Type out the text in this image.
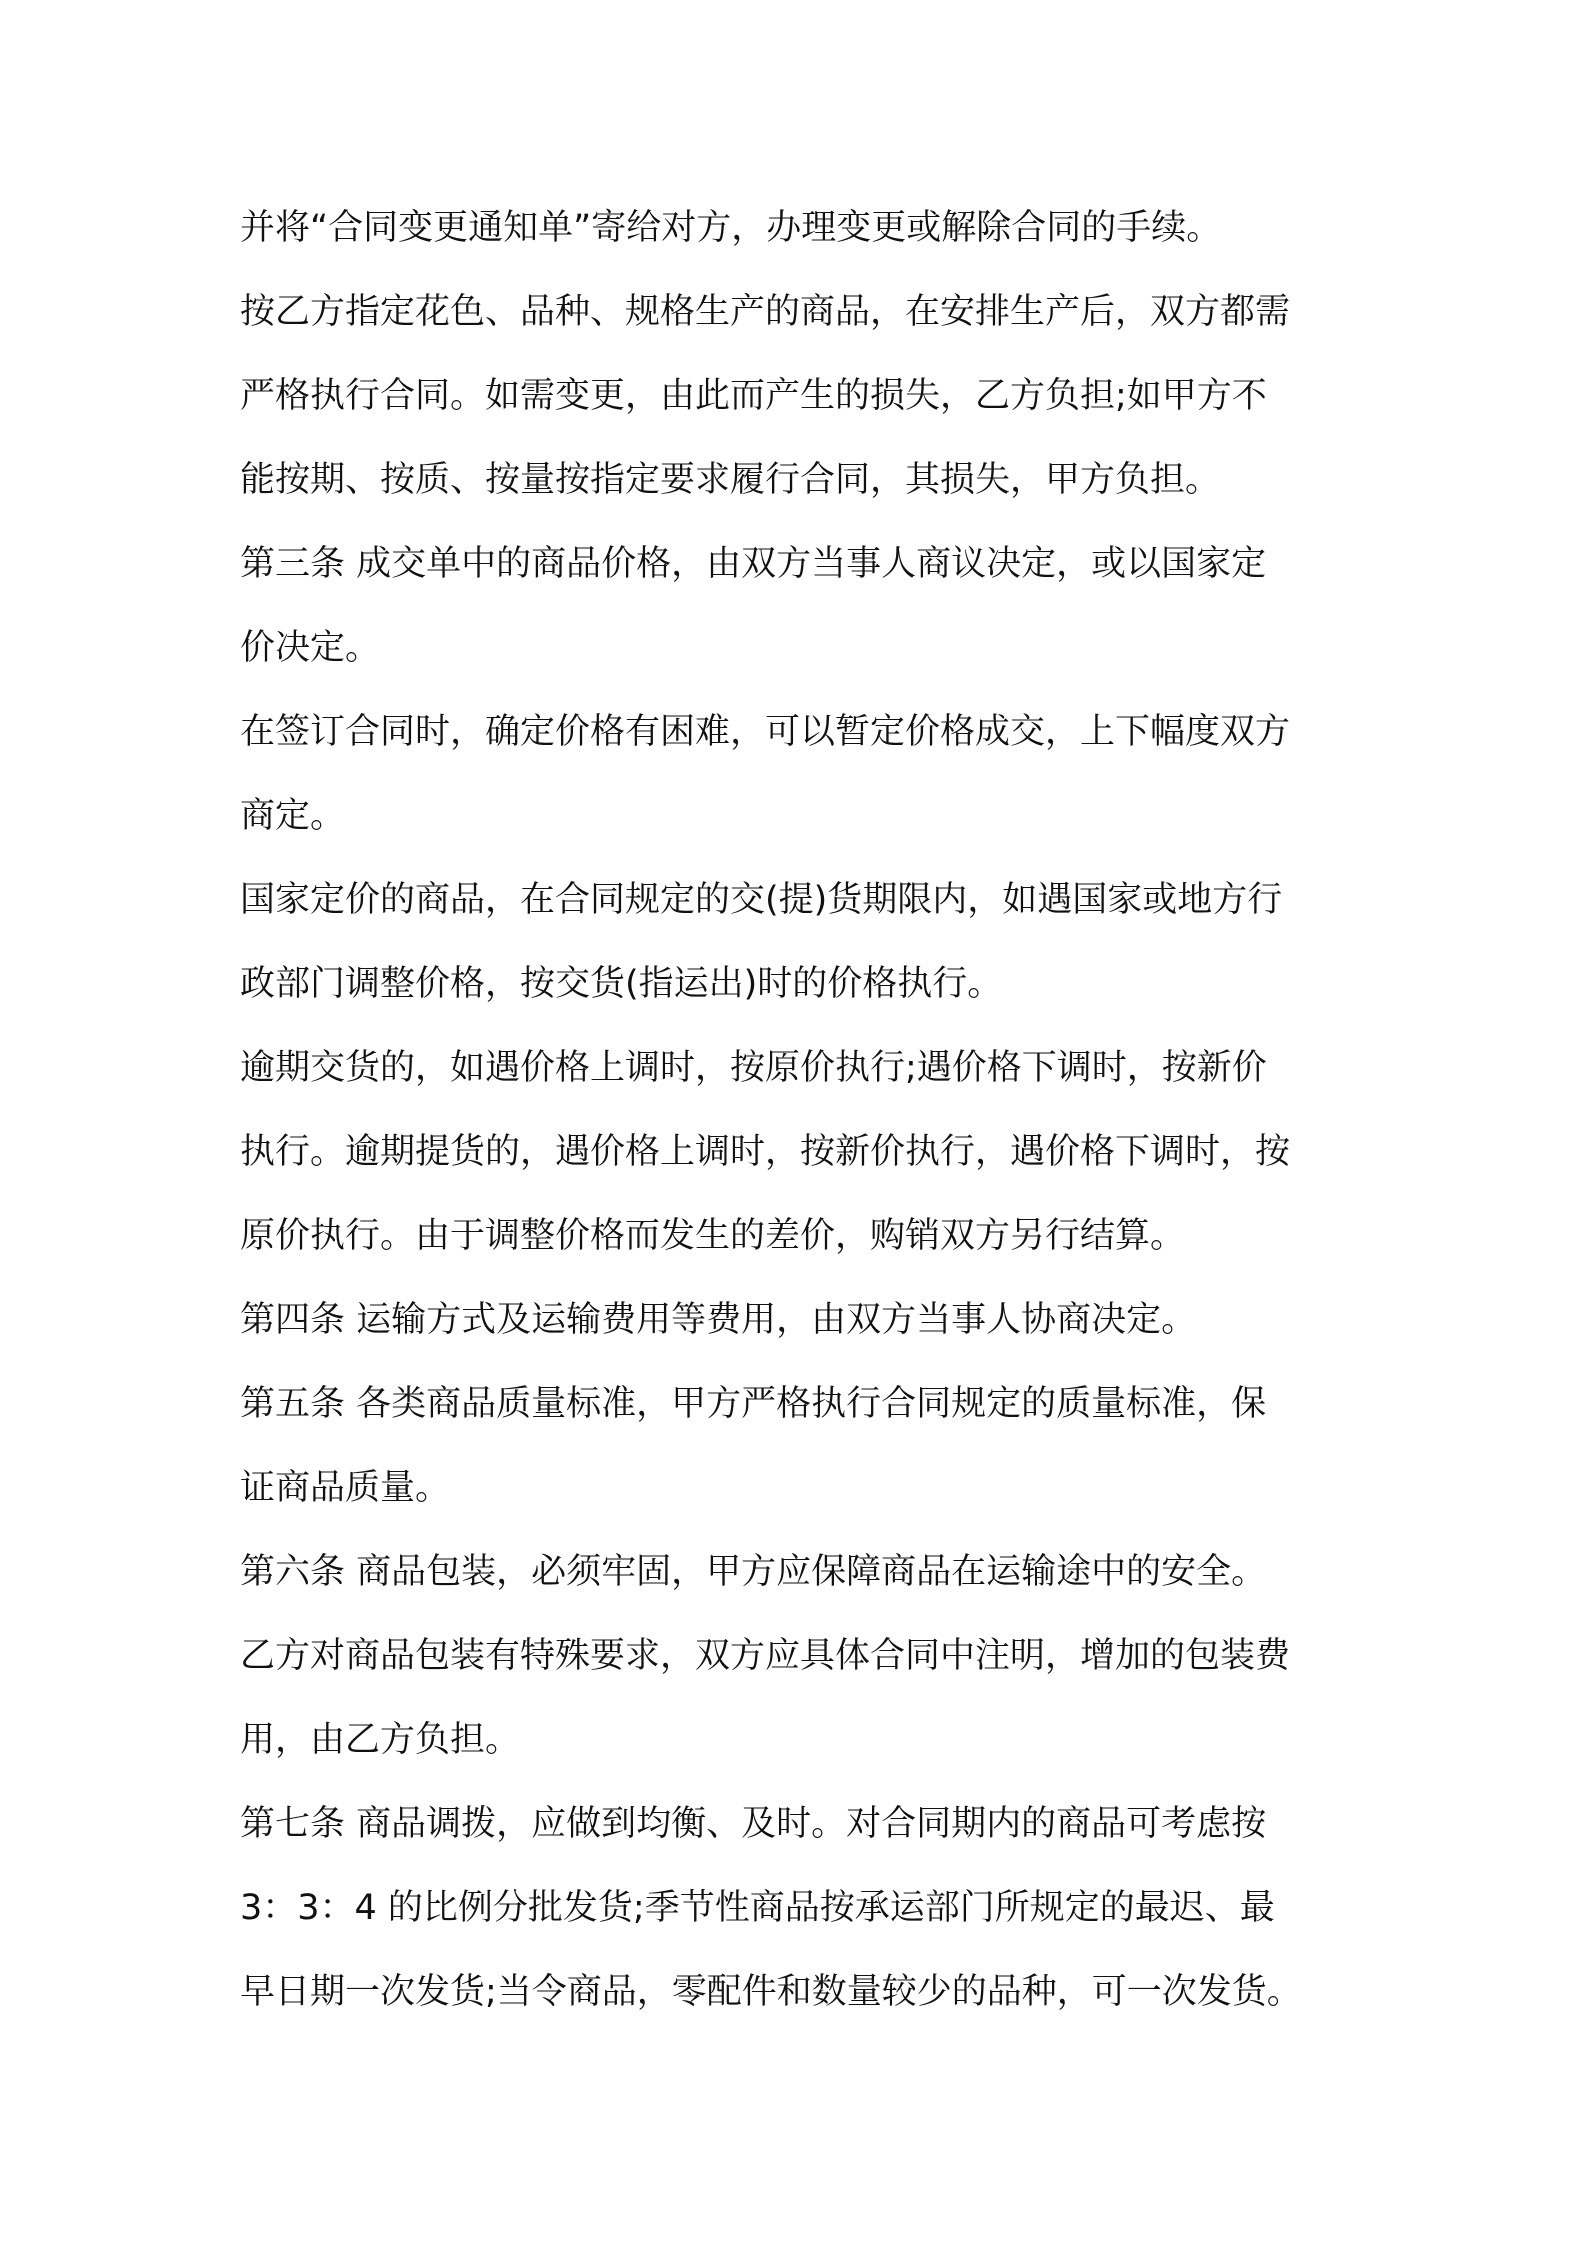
并将“合同变更通知单”寄给对方，办理变更或解除合同的手续。
按乙方指定花色、品种、规格生产的商品，在安排生产后，双方都需
严格执行合同。如需变更，由此而产生的损失，乙方负担;如甲方不
能按期、按质、按量按指定要求履行合同，其损失，甲方负担。
第三条 成交单中的商品价格，由双方当事人商议决定，或以国家定
价决定。
在签订合同时，确定价格有困难，可以暂定价格成交，上下幅度双方
商定。
国家定价的商品，在合同规定的交(提)货期限内，如遇国家或地方行
政部门调整价格，按交货(指运出)时的价格执行。
逾期交货的，如遇价格上调时，按原价执行;遇价格下调时，按新价
执行。逾期提货的，遇价格上调时，按新价执行，遇价格下调时，按
原价执行。由于调整价格而发生的差价，购销双方另行结算。
第四条 运输方式及运输费用等费用，由双方当事人协商决定。
第五条 各类商品质量标准，甲方严格执行合同规定的质量标准，保
证商品质量。
第六条 商品包装，必须牢固，甲方应保障商品在运输途中的安全。
乙方对商品包装有特殊要求，双方应具体合同中注明，增加的包装费
用，由乙方负担。
第七条 商品调拨，应做到均衡、及时。对合同期内的商品可考虑按
3：3：4 的比例分批发货;季节性商品按承运部门所规定的最迟、最
早日期一次发货;当令商品，零配件和数量较少的品种，可一次发货。
